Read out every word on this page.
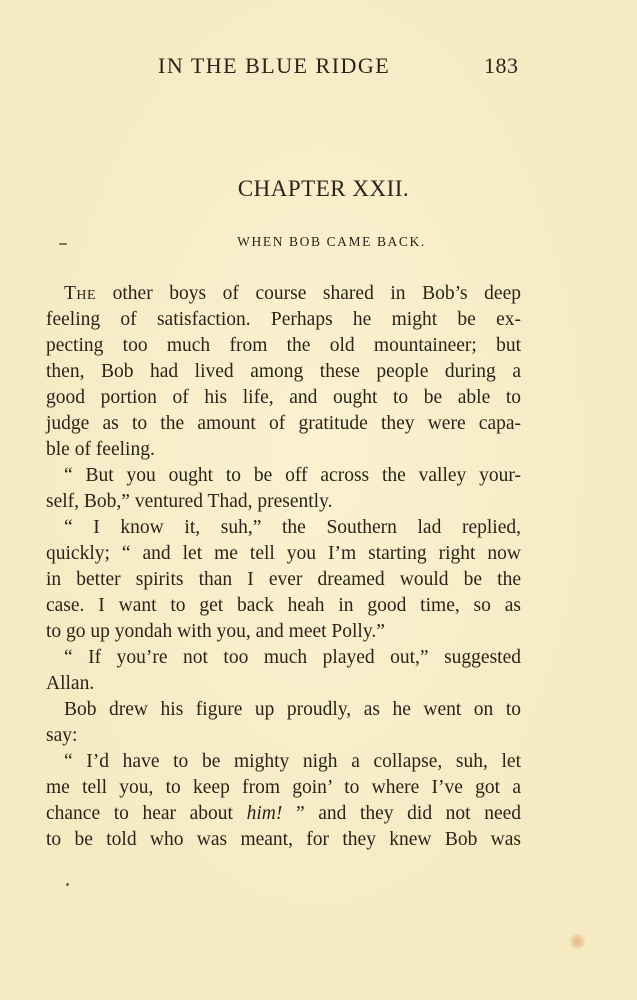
IN THE BLUE RIDGE	183
CHAPTER XXII.
WHEN BOB CAME BACK.
The other boys of course shared in Bob’s deep
feeling of satisfaction. Perhaps he might be ex-
pecting too much from the old mountaineer; but
then, Bob had lived among these people during a
good portion of his life, and ought to be able to
judge as to the amount of gratitude they were capa-
ble of feeling.
“ But you ought to be off across the valley your-
self, Bob,” ventured Thad, presently.
“ I know it, suh,” the Southern lad replied,
quickly; “ and let me tell you I’m starting right now
in better spirits than I ever dreamed would be the
case. I want to get back heah in good time, so as
to go up yondah with you, and meet Polly.”
“ If you’re not too much played out,” suggested
Allan.
Bob drew his figure up proudly, as he went on to
say:
“ I’d have to be mighty nigh a collapse, suh, let
me tell you, to keep from goin’ to where I’ve got a
chance to hear about him! ” and they did not need
to be told who was meant, for they knew Bob was
